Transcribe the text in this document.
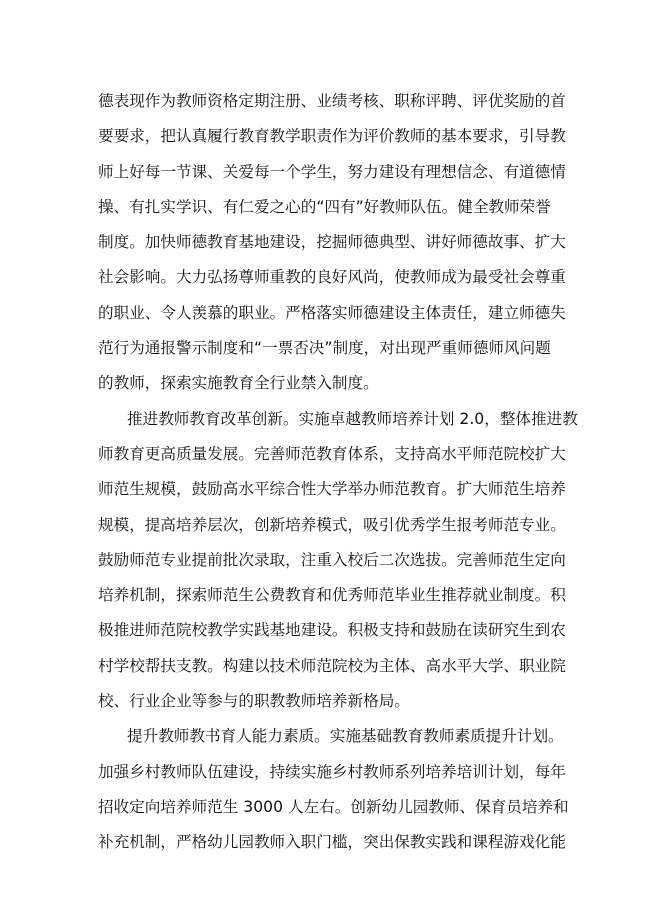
德表现作为教师资格定期注册、业绩考核、职称评聘、评优奖励的首
要要求，把认真履行教育教学职责作为评价教师的基本要求，引导教
师上好每一节课、关爱每一个学生，努力建设有理想信念、有道德情
操、有扎实学识、有仁爱之心的“四有”好教师队伍。健全教师荣誉
制度。加快师德教育基地建设，挖掘师德典型、讲好师德故事、扩大
社会影响。大力弘扬尊师重教的良好风尚，使教师成为最受社会尊重
的职业、令人羡慕的职业。严格落实师德建设主体责任，建立师德失
范行为通报警示制度和“一票否决”制度，对出现严重师德师风问题
的教师，探索实施教育全行业禁入制度。
推进教师教育改革创新。实施卓越教师培养计划 2.0，整体推进教
师教育更高质量发展。完善师范教育体系，支持高水平师范院校扩大
师范生规模，鼓励高水平综合性大学举办师范教育。扩大师范生培养
规模，提高培养层次，创新培养模式，吸引优秀学生报考师范专业。
鼓励师范专业提前批次录取，注重入校后二次选拔。完善师范生定向
培养机制，探索师范生公费教育和优秀师范毕业生推荐就业制度。积
极推进师范院校教学实践基地建设。积极支持和鼓励在读研究生到农
村学校帮扶支教。构建以技术师范院校为主体、高水平大学、职业院
校、行业企业等参与的职教教师培养新格局。
提升教师教书育人能力素质。实施基础教育教师素质提升计划。
加强乡村教师队伍建设，持续实施乡村教师系列培养培训计划，每年
招收定向培养师范生 3000 人左右。创新幼儿园教师、保育员培养和
补充机制，严格幼儿园教师入职门槛，突出保教实践和课程游戏化能
